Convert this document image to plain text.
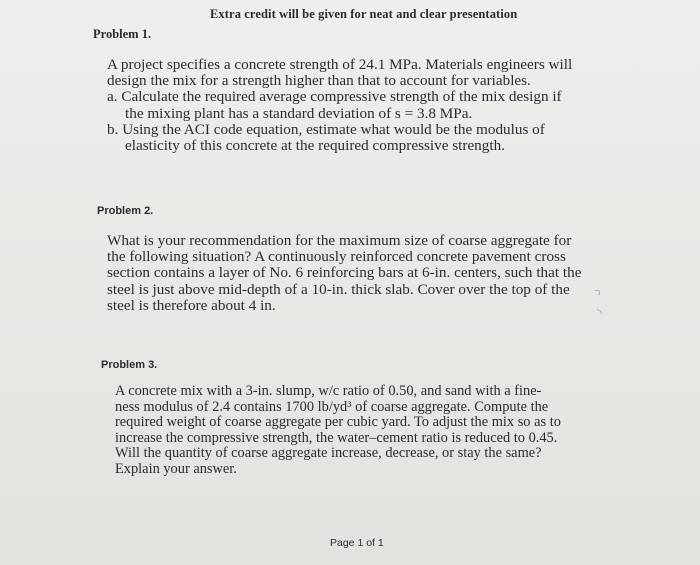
Extra credit will be given for neat and clear presentation
Problem 1.
A project specifies a concrete strength of 24.1 MPa. Materials engineers will
design the mix for a strength higher than that to account for variables.
a. Calculate the required average compressive strength of the mix design if
the mixing plant has a standard deviation of s = 3.8 MPa.
b. Using the ACI code equation, estimate what would be the modulus of
elasticity of this concrete at the required compressive strength.
Problem 2.
What is your recommendation for the maximum size of coarse aggregate for
the following situation? A continuously reinforced concrete pavement cross
section contains a layer of No. 6 reinforcing bars at 6-in. centers, such that the
steel is just above mid-depth of a 10-in. thick slab. Cover over the top of the
steel is therefore about 4 in.
Problem 3.
A concrete mix with a 3-in. slump, w/c ratio of 0.50, and sand with a fine-
ness modulus of 2.4 contains 1700 lb/yd³ of coarse aggregate. Compute the
required weight of coarse aggregate per cubic yard. To adjust the mix so as to
increase the compressive strength, the water–cement ratio is reduced to 0.45.
Will the quantity of coarse aggregate increase, decrease, or stay the same?
Explain your answer.
Page 1 of 1
